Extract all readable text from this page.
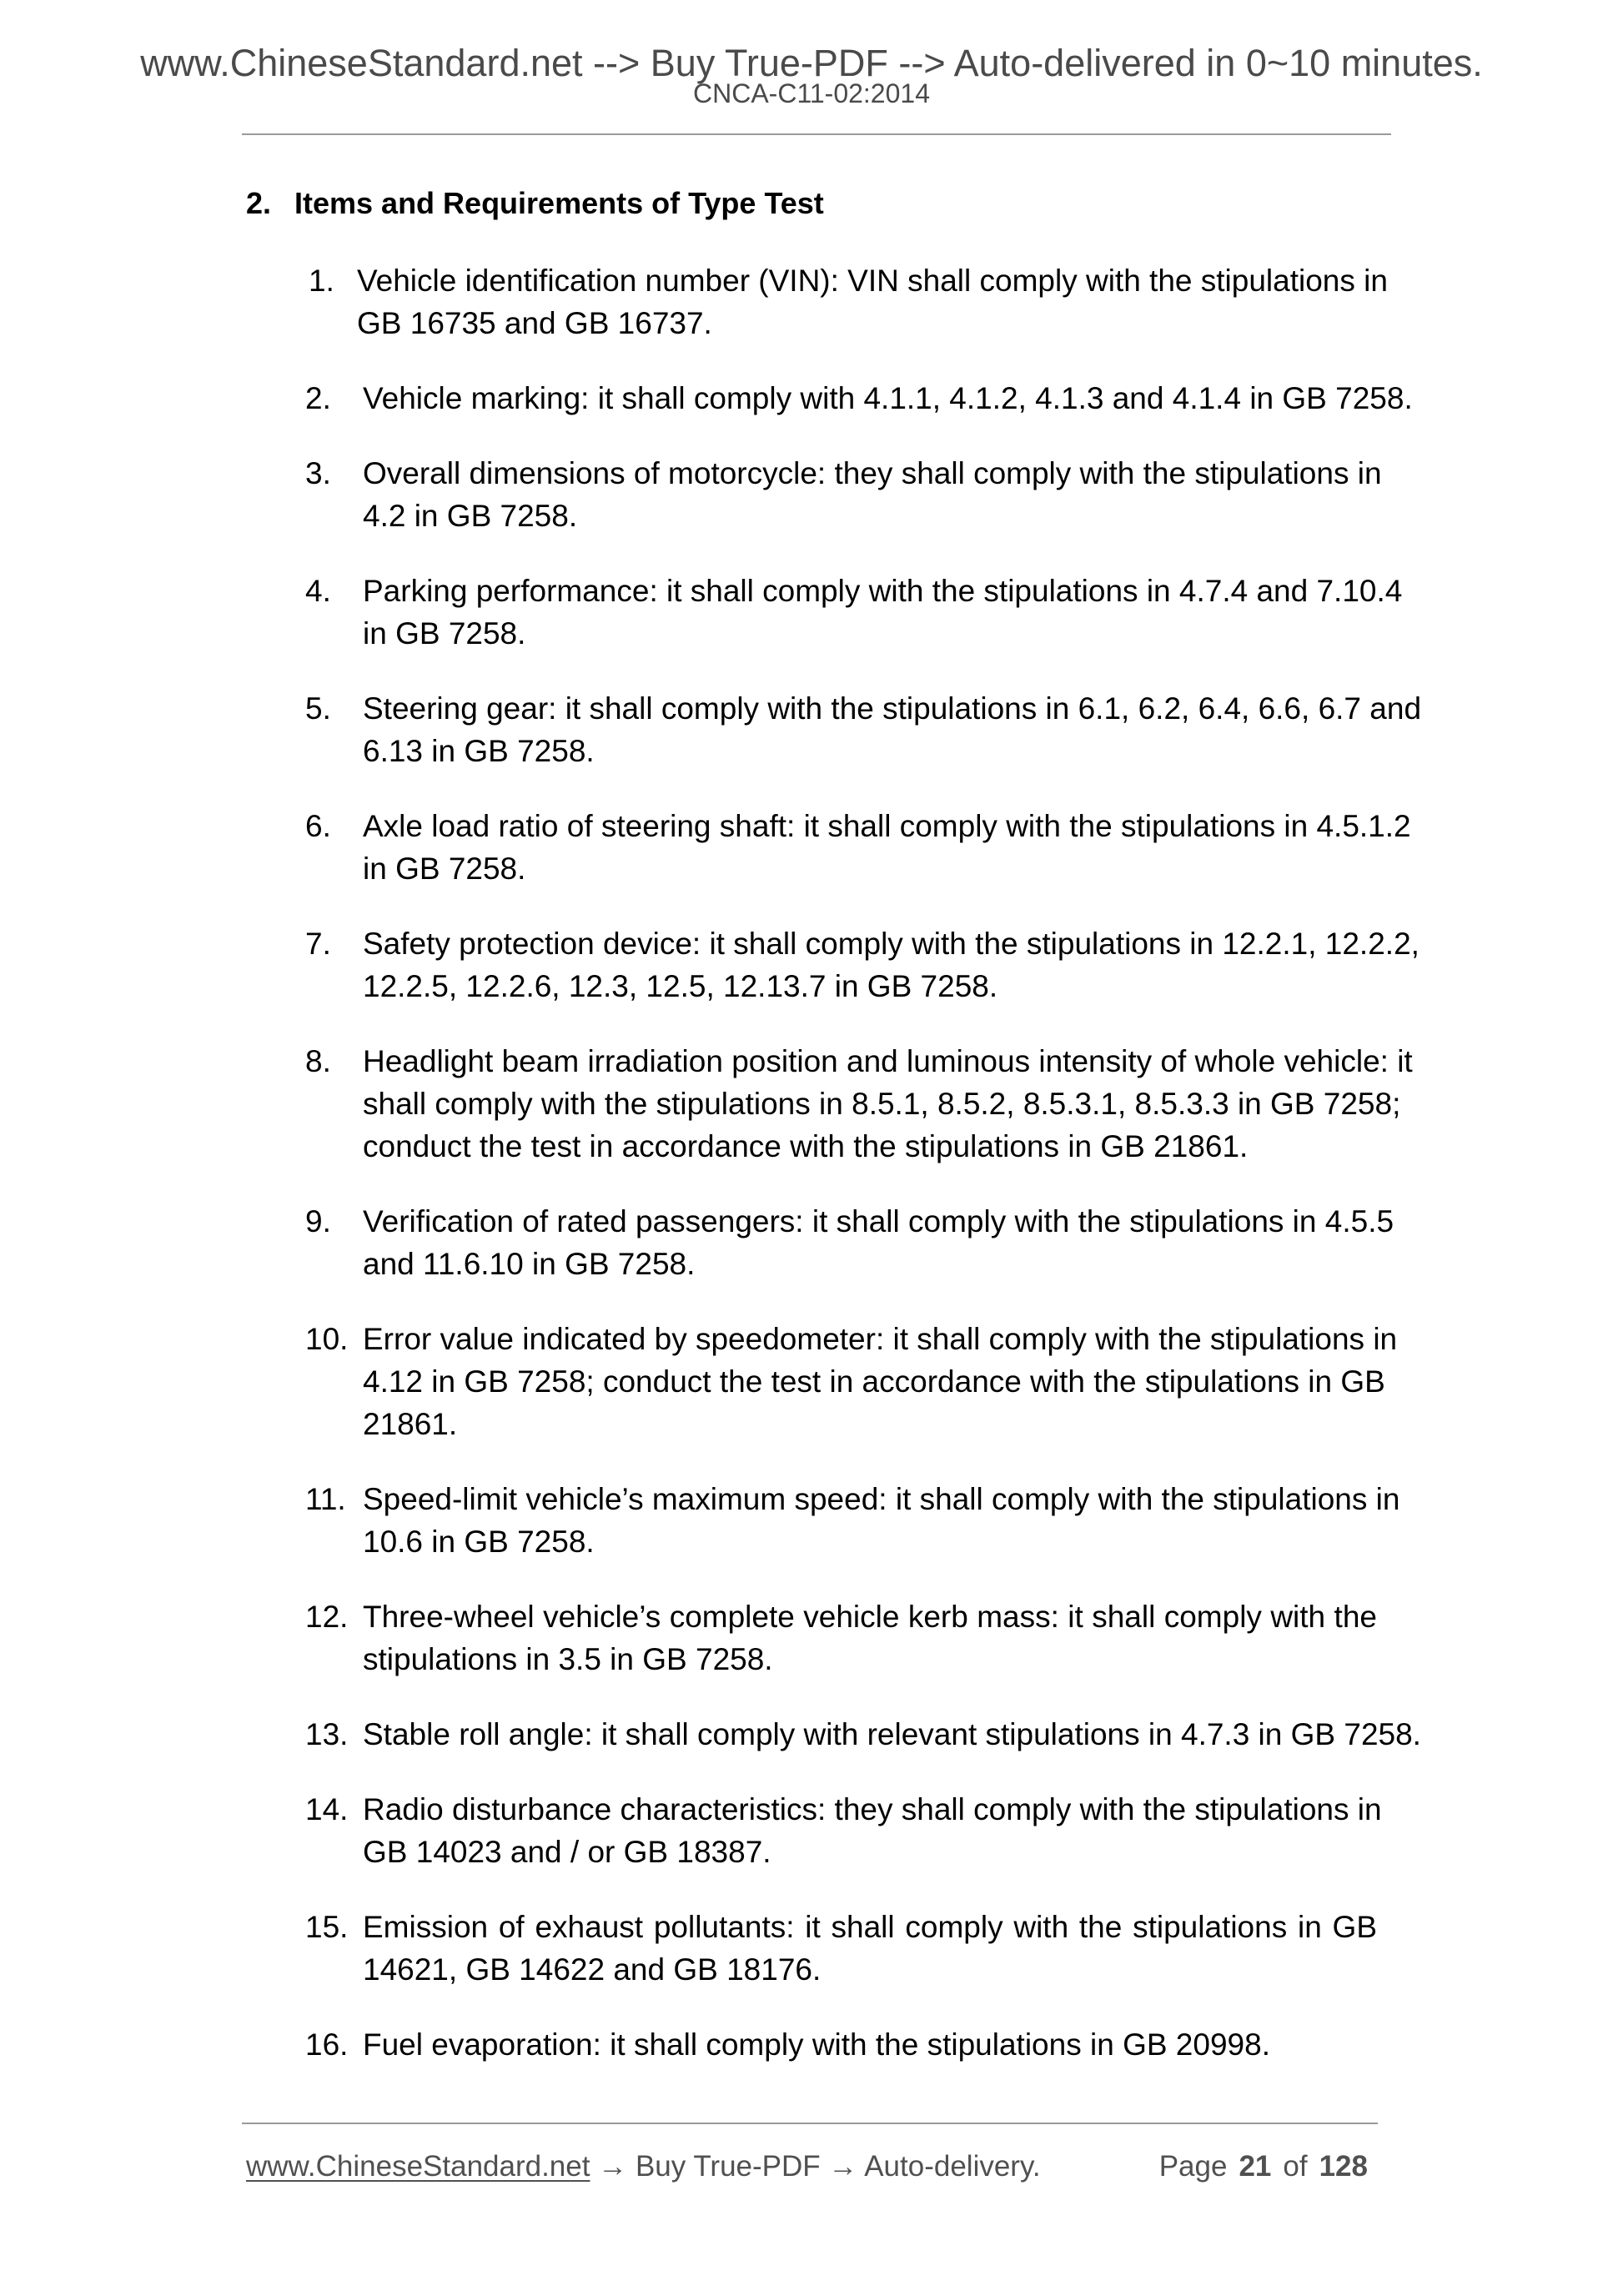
www.ChineseStandard.net --> Buy True-PDF --> Auto-delivered in 0~10 minutes.
CNCA-C11-02:2014
2. Items and Requirements of Type Test
1. Vehicle identification number (VIN): VIN shall comply with the stipulations in
GB 16735 and GB 16737.
2. Vehicle marking: it shall comply with 4.1.1, 4.1.2, 4.1.3 and 4.1.4 in GB 7258.
3. Overall dimensions of motorcycle: they shall comply with the stipulations in
4.2 in GB 7258.
4. Parking performance: it shall comply with the stipulations in 4.7.4 and 7.10.4
in GB 7258.
5. Steering gear: it shall comply with the stipulations in 6.1, 6.2, 6.4, 6.6, 6.7 and
6.13 in GB 7258.
6. Axle load ratio of steering shaft: it shall comply with the stipulations in 4.5.1.2
in GB 7258.
7. Safety protection device: it shall comply with the stipulations in 12.2.1, 12.2.2,
12.2.5, 12.2.6, 12.3, 12.5, 12.13.7 in GB 7258.
8. Headlight beam irradiation position and luminous intensity of whole vehicle: it
shall comply with the stipulations in 8.5.1, 8.5.2, 8.5.3.1, 8.5.3.3 in GB 7258;
conduct the test in accordance with the stipulations in GB 21861.
9. Verification of rated passengers: it shall comply with the stipulations in 4.5.5
and 11.6.10 in GB 7258.
10. Error value indicated by speedometer: it shall comply with the stipulations in
4.12 in GB 7258; conduct the test in accordance with the stipulations in GB
21861.
11. Speed-limit vehicle’s maximum speed: it shall comply with the stipulations in
10.6 in GB 7258.
12. Three-wheel vehicle’s complete vehicle kerb mass: it shall comply with the
stipulations in 3.5 in GB 7258.
13. Stable roll angle: it shall comply with relevant stipulations in 4.7.3 in GB 7258.
14. Radio disturbance characteristics: they shall comply with the stipulations in
GB 14023 and / or GB 18387.
15. Emission of exhaust pollutants: it shall comply with the stipulations in GB
14621, GB 14622 and GB 18176.
16. Fuel evaporation: it shall comply with the stipulations in GB 20998.
www.ChineseStandard.net → Buy True-PDF → Auto-delivery.	Page 21 of 128
